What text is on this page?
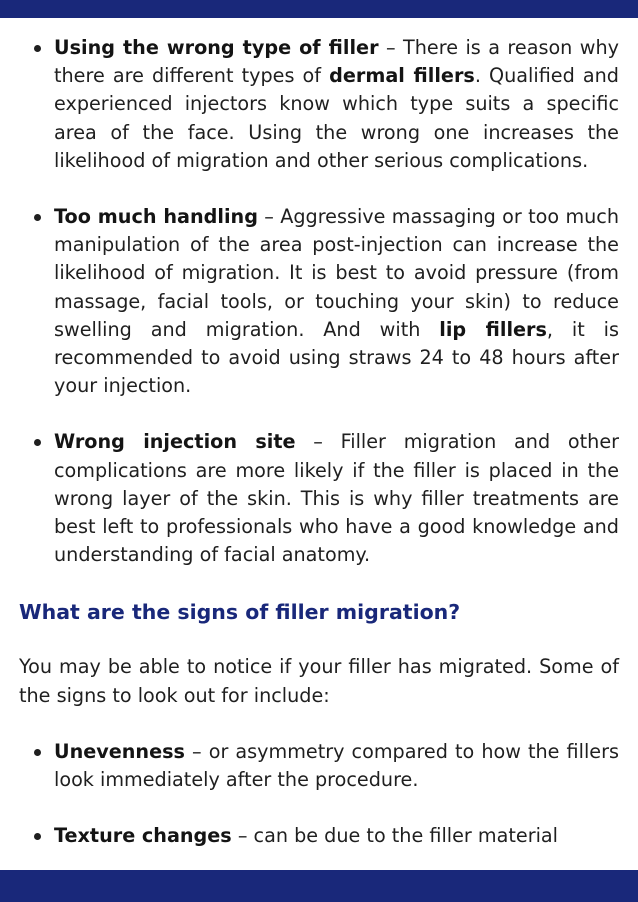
Using the wrong type of filler – There is a reason why there are different types of dermal fillers. Qualified and experienced injectors know which type suits a specific area of the face. Using the wrong one increases the likelihood of migration and other serious complications.
Too much handling – Aggressive massaging or too much manipulation of the area post-injection can increase the likelihood of migration. It is best to avoid pressure (from massage, facial tools, or touching your skin) to reduce swelling and migration. And with lip fillers, it is recommended to avoid using straws 24 to 48 hours after your injection.
Wrong injection site – Filler migration and other complications are more likely if the filler is placed in the wrong layer of the skin. This is why filler treatments are best left to professionals who have a good knowledge and understanding of facial anatomy.
What are the signs of filler migration?

You may be able to notice if your filler has migrated. Some of the signs to look out for include:

Unevenness – or asymmetry compared to how the fillers look immediately after the procedure.
Texture changes – can be due to the filler material
